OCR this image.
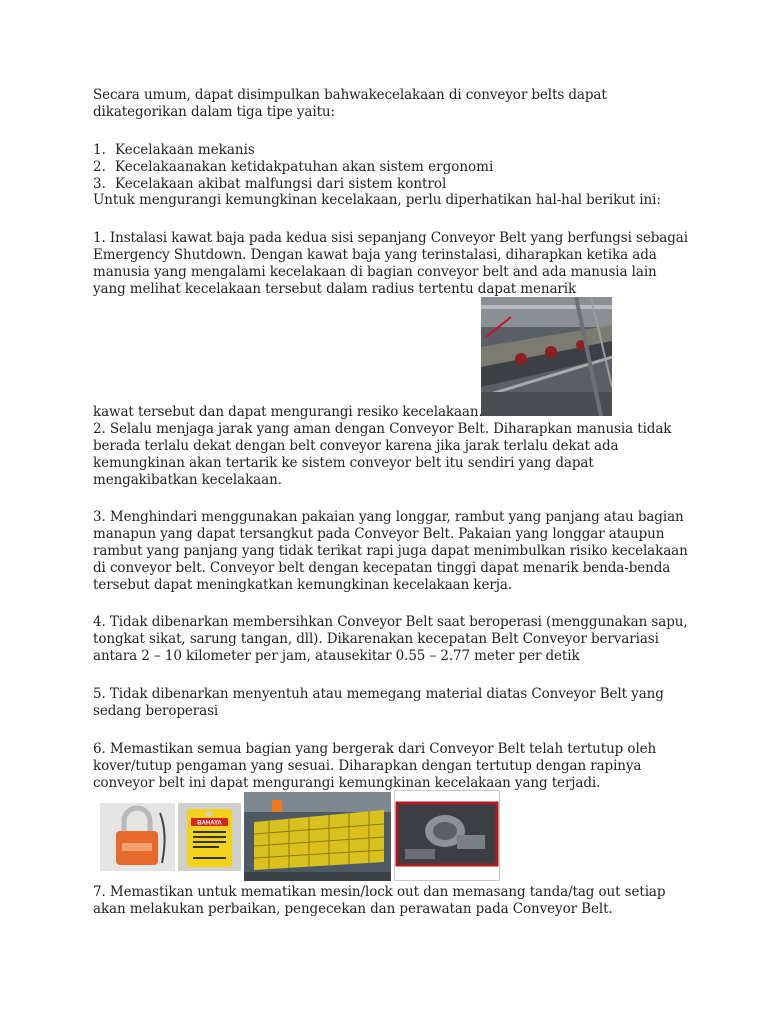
Secara umum, dapat disimpulkan bahwakecelakaan di conveyor belts dapat dikategorikan dalam tiga tipe yaitu:

1. Kecelakaan mekanis
2. Kecelakaanakan ketidakpatuhan akan sistem ergonomi
3. Kecelakaan akibat malfungsi dari sistem kontrol

Untuk mengurangi kemungkinan kecelakaan, perlu diperhatikan hal-hal berikut ini:

1. Instalasi kawat baja pada kedua sisi sepanjang Conveyor Belt yang berfungsi sebagai Emergency Shutdown. Dengan kawat baja yang terinstalasi, diharapkan ketika ada manusia yang mengalami kecelakaan di bagian conveyor belt and ada manusia lain yang melihat kecelakaan tersebut dalam radius tertentu dapat menarik

kawat tersebut dan dapat mengurangi resiko kecelakaan.

2. Selalu menjaga jarak yang aman dengan Conveyor Belt. Diharapkan manusia tidak berada terlalu dekat dengan belt conveyor karena jika jarak terlalu dekat ada kemungkinan akan tertarik ke sistem conveyor belt itu sendiri yang dapat mengakibatkan kecelakaan.

3. Menghindari menggunakan pakaian yang longgar, rambut yang panjang atau bagian manapun yang dapat tersangkut pada Conveyor Belt. Pakaian yang longgar ataupun rambut yang panjang yang tidak terikat rapi juga dapat menimbulkan risiko kecelakaan di conveyor belt. Conveyor belt dengan kecepatan tinggi dapat menarik benda-benda tersebut dapat meningkatkan kemungkinan kecelakaan kerja.

4. Tidak dibenarkan membersihkan Conveyor Belt saat beroperasi (menggunakan sapu, tongkat sikat, sarung tangan, dll). Dikarenakan kecepatan Belt Conveyor bervariasi antara 2 – 10 kilometer per jam, atausekitar 0.55 – 2.77 meter per detik

5. Tidak dibenarkan menyentuh atau memegang material diatas Conveyor Belt yang sedang beroperasi

6. Memastikan semua bagian yang bergerak dari Conveyor Belt telah tertutup oleh kover/tutup pengaman yang sesuai. Diharapkan dengan tertutup dengan rapinya conveyor belt ini dapat mengurangi kemungkinan kecelakaan yang terjadi.

BAHAYA

7. Memastikan untuk mematikan mesin/lock out dan memasang tanda/tag out setiap akan melakukan perbaikan, pengecekan dan perawatan pada Conveyor Belt.
